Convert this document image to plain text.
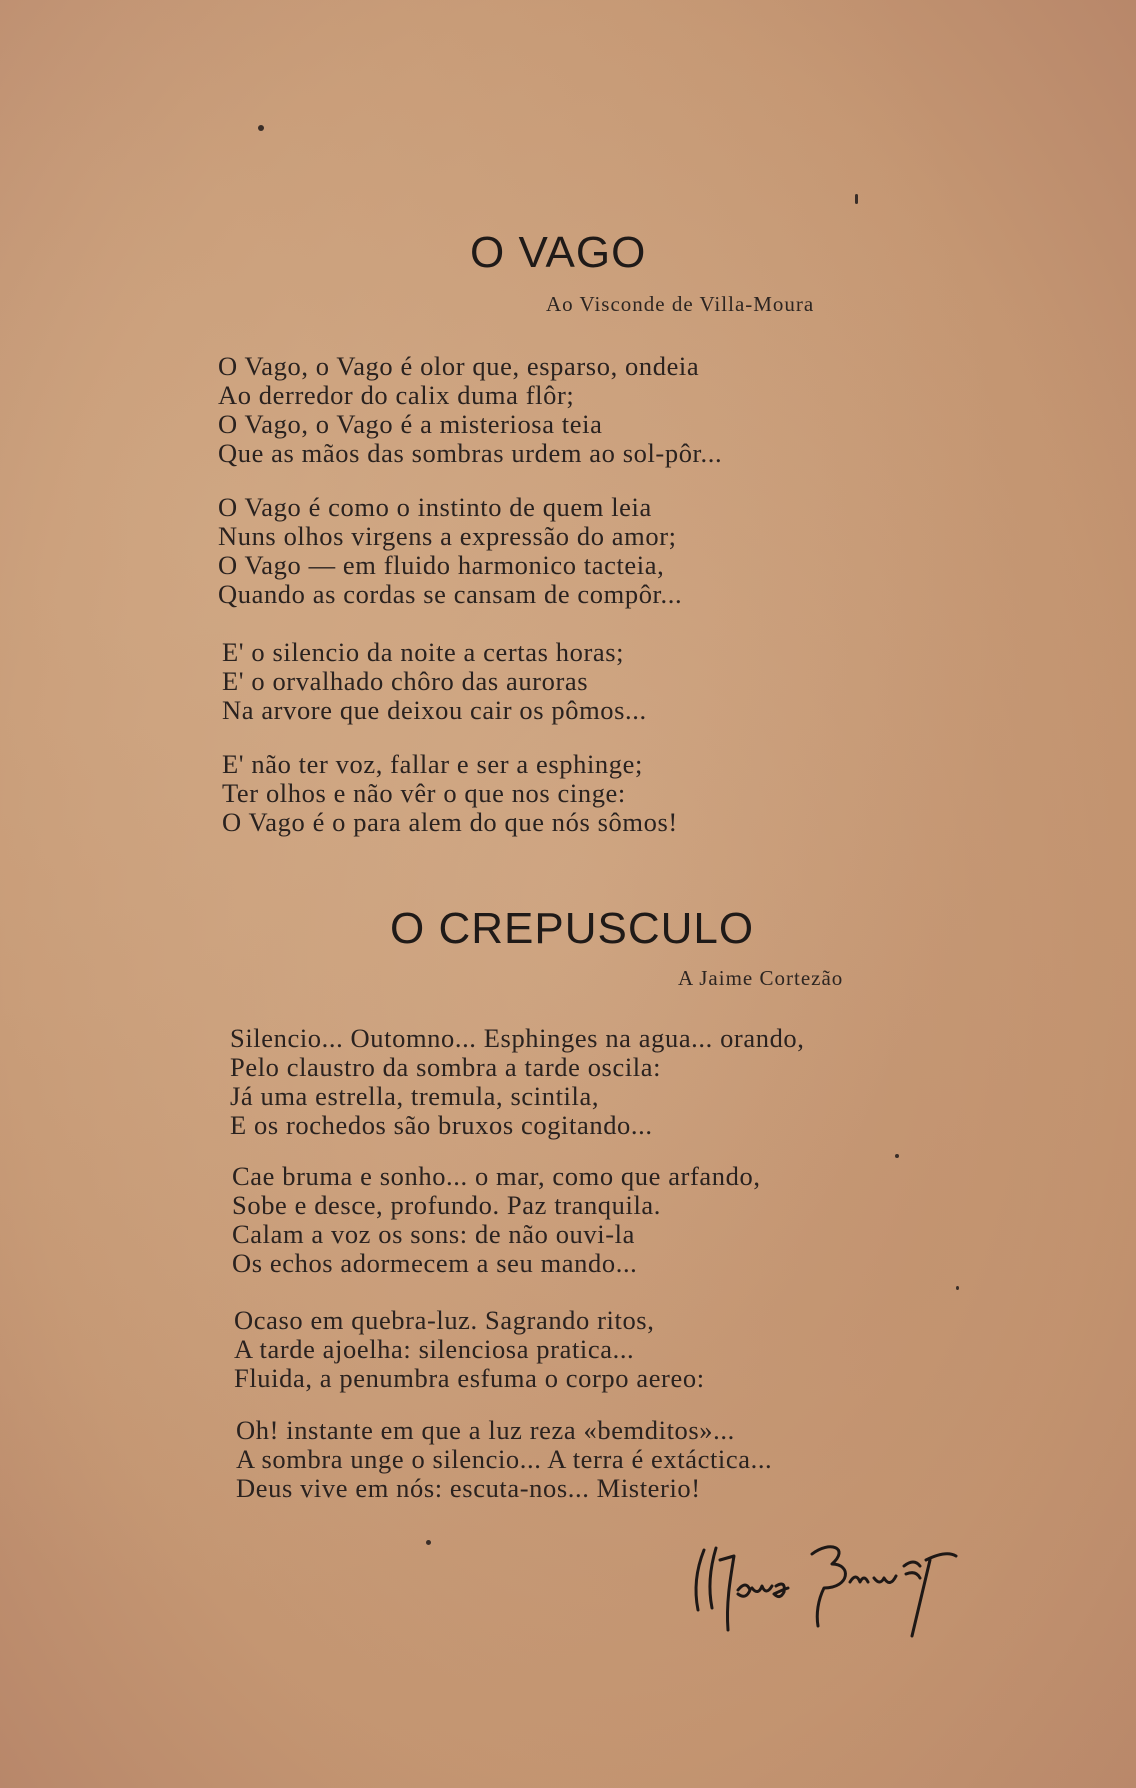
O VAGO

Ao Visconde de Villa-Moura

O Vago, o Vago é olor que, esparso, ondeia
Ao derredor do calix duma flôr;
O Vago, o Vago é a misteriosa teia
Que as mãos das sombras urdem ao sol-pôr...
O Vago é como o instinto de quem leia
Nuns olhos virgens a expressão do amor;
O Vago — em fluido harmonico tacteia,
Quando as cordas se cansam de compôr...
E' o silencio da noite a certas horas;
E' o orvalhado chôro das auroras
Na arvore que deixou cair os pômos...
E' não ter voz, fallar e ser a esphinge;
Ter olhos e não vêr o que nos cinge:
O Vago é o para alem do que nós sômos!
O CREPUSCULO

A Jaime Cortezão

Silencio... Outomno... Esphinges na agua... orando,
Pelo claustro da sombra a tarde oscila:
Já uma estrella, tremula, scintila,
E os rochedos são bruxos cogitando...
Cae bruma e sonho... o mar, como que arfando,
Sobe e desce, profundo. Paz tranquila.
Calam a voz os sons: de não ouvi-la
Os echos adormecem a seu mando...
Ocaso em quebra-luz. Sagrando ritos,
A tarde ajoelha: silenciosa pratica...
Fluida, a penumbra esfuma o corpo aereo:
Oh! instante em que a luz reza «bemditos»...
A sombra unge o silencio... A terra é extáctica...
Deus vive em nós: escuta-nos... Misterio!
